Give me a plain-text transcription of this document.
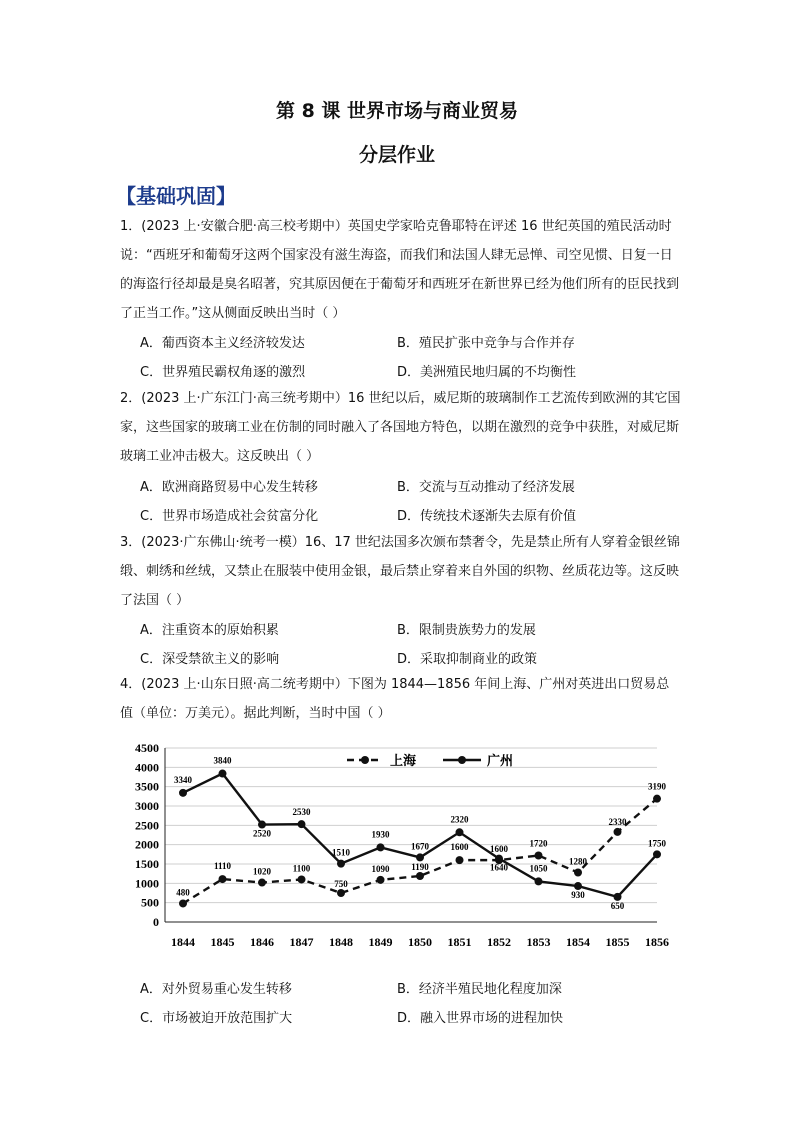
第 8 课 世界市场与商业贸易
分层作业
【基础巩固】
1．(2023 上·安徽合肥·高三校考期中）英国史学家哈克鲁耶特在评述 16 世纪英国的殖民活动时说：“西班牙和葡萄牙这两个国家没有滋生海盗，而我们和法国人肆无忌惮、司空见惯、日复一日的海盗行径却最是臭名昭著，究其原因便在于葡萄牙和西班牙在新世界已经为他们所有的臣民找到了正当工作。”这从侧面反映出当时（ ）
A．葡西资本主义经济较发达	B．殖民扩张中竞争与合作并存
C．世界殖民霸权角逐的激烈	D．美洲殖民地归属的不均衡性
2．(2023 上·广东江门·高三统考期中）16 世纪以后，威尼斯的玻璃制作工艺流传到欧洲的其它国家，这些国家的玻璃工业在仿制的同时融入了各国地方特色，以期在激烈的竞争中获胜，对威尼斯玻璃工业冲击极大。这反映出（ ）
A．欧洲商路贸易中心发生转移	B．交流与互动推动了经济发展
C．世界市场造成社会贫富分化	D．传统技术逐渐失去原有价值
3．(2023·广东佛山·统考一模）16、17 世纪法国多次颁布禁奢令，先是禁止所有人穿着金银丝锦缎、刺绣和丝绒，又禁止在服装中使用金银，最后禁止穿着来自外国的织物、丝质花边等。这反映了法国（ ）
A．注重资本的原始积累	B．限制贵族势力的发展
C．深受禁欲主义的影响	D．采取抑制商业的政策
4．(2023 上·山东日照·高二统考期中）下图为 1844—1856 年间上海、广州对英进出口贸易总值（单位：万美元）。据此判断，当时中国（ ）
0
500
1000
1500
2000
2500
3000
3500
4000
4500
1844 1845 1846 1847 1848 1849 1850 1851 1852 1853 1854 1855 1856
480
1110
1020 1100
750
1090 1190
1600 1600
1720
1280
2330
3190
3340
3840
2520
2530
1510
1930
1670
2320
1640 1050
930
650
1750
上海	广州
A．对外贸易重心发生转移	B．经济半殖民地化程度加深
C．市场被迫开放范围扩大	D．融入世界市场的进程加快
